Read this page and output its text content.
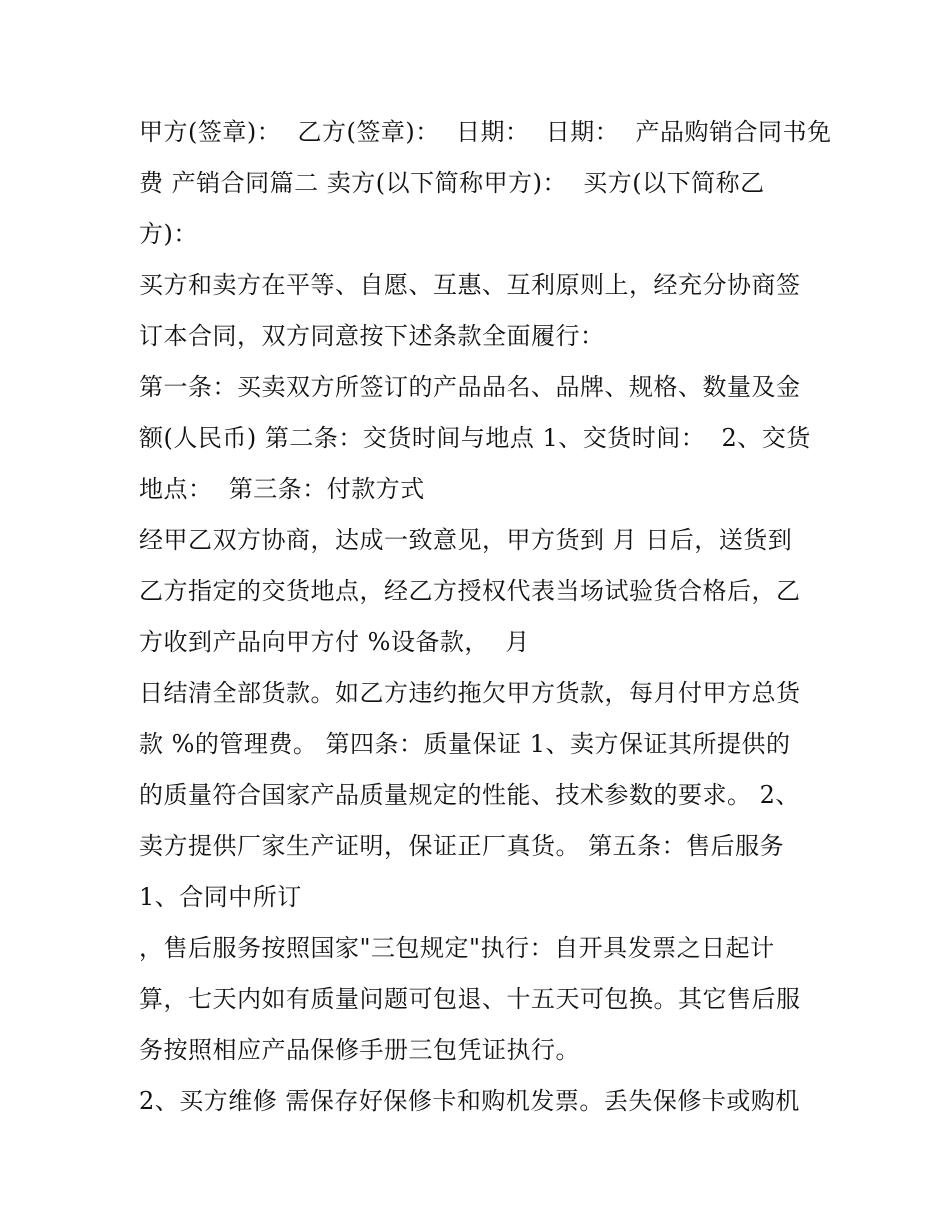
甲方(签章)：  乙方(签章)：  日期：  日期：  产品购销合同书免
费 产销合同篇二 卖方(以下简称甲方)：  买方(以下简称乙
方)：
买方和卖方在平等、自愿、互惠、互利原则上，经充分协商签
订本合同，双方同意按下述条款全面履行：
第一条：买卖双方所签订的产品品名、品牌、规格、数量及金
额(人民币) 第二条：交货时间与地点 1、交货时间：  2、交货
地点：  第三条：付款方式
经甲乙双方协商，达成一致意见，甲方货到 月 日后，送货到
乙方指定的交货地点，经乙方授权代表当场试验货合格后，乙
方收到产品向甲方付 %设备款，  月
日结清全部货款。如乙方违约拖欠甲方货款，每月付甲方总货
款 %的管理费。 第四条：质量保证 1、卖方保证其所提供的
的质量符合国家产品质量规定的性能、技术参数的要求。 2、
卖方提供厂家生产证明，保证正厂真货。 第五条：售后服务
1、合同中所订
，售后服务按照国家"三包规定"执行：自开具发票之日起计
算，七天内如有质量问题可包退、十五天可包换。其它售后服
务按照相应产品保修手册三包凭证执行。
2、买方维修 需保存好保修卡和购机发票。丢失保修卡或购机
